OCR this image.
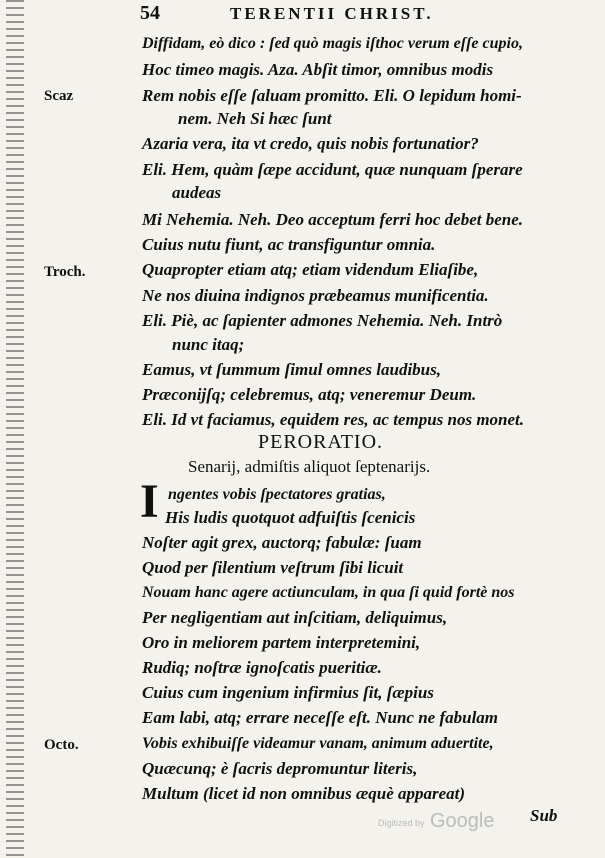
54	TERENTII CHRIST.
Scaz
Troch.
Octo.
Diffidam, eò dico : ſed quò magis iſthoc verum eſſe cupio,
Hoc timeo magis. Aza. Abſit timor, omnibus modis
Rem nobis eſſe ſaluam promitto. Eli. O lepidum homi-
nem. Neh Si hæc ſunt
Azaria vera, ita vt credo, quis nobis fortunatior?
Eli. Hem, quàm ſæpe accidunt, quæ nunquam ſperare
audeas
Mi Nehemia. Neh. Deo acceptum ferri hoc debet bene.
Cuius nutu fiunt, ac transfiguntur omnia.
Quapropter etiam atq; etiam videndum Eliaſibe,
Ne nos diuina indignos præbeamus munificentia.
Eli. Piè, ac ſapienter admones Nehemia. Neh. Intrò
nunc itaq;
Eamus, vt ſummum ſimul omnes laudibus,
Præconijſq; celebremus, atq; veneremur Deum.
Eli. Id vt faciamus, equidem res, ac tempus nos monet.
PERORATIO.
Senarij, admiſtis aliquot ſeptenarijs.
I ngentes vobis ſpectatores gratias,
His ludis quotquot adfuiſtis ſcenicis
Noſter agit grex, auctorq; fabulæ: ſuam
Quod per ſilentium veſtrum ſibi licuit
Nouam hanc agere actiunculam, in qua ſi quid fortè nos
Per negligentiam aut inſcitiam, deliquimus,
Oro in meliorem partem interpretemini,
Rudiq; noſtræ ignoſcatis pueritiæ.
Cuius cum ingenium infirmius ſit, ſæpius
Eam labi, atq; errare neceſſe eſt. Nunc ne fabulam
Vobis exhibuiſſe videamur vanam, animum aduertite,
Quæcunq; è ſacris depromuntur literis,
Multum (licet id non omnibus æquè appareat)
Digitized by Google Sub
